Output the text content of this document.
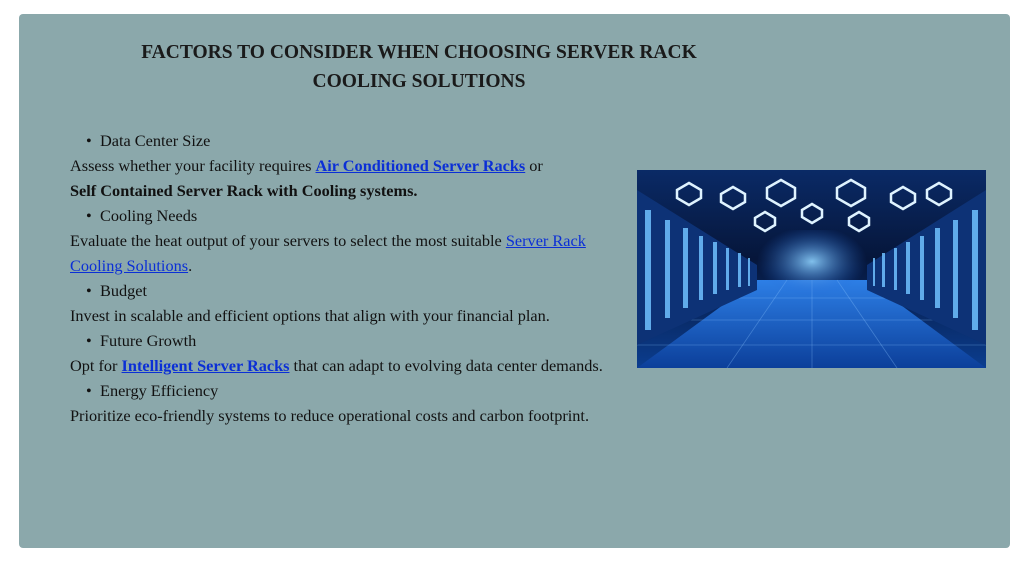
FACTORS TO CONSIDER WHEN CHOOSING SERVER RACK
COOLING SOLUTIONS
• Data Center Size
Assess whether your facility requires Air Conditioned Server Racks or
Self Contained Server Rack with Cooling systems.
• Cooling Needs
Evaluate the heat output of your servers to select the most suitable Server Rack Cooling Solutions.
• Budget
Invest in scalable and efficient options that align with your financial plan.
• Future Growth
Opt for Intelligent Server Racks that can adapt to evolving data center demands.
• Energy Efficiency
Prioritize eco-friendly systems to reduce operational costs and carbon footprint.
